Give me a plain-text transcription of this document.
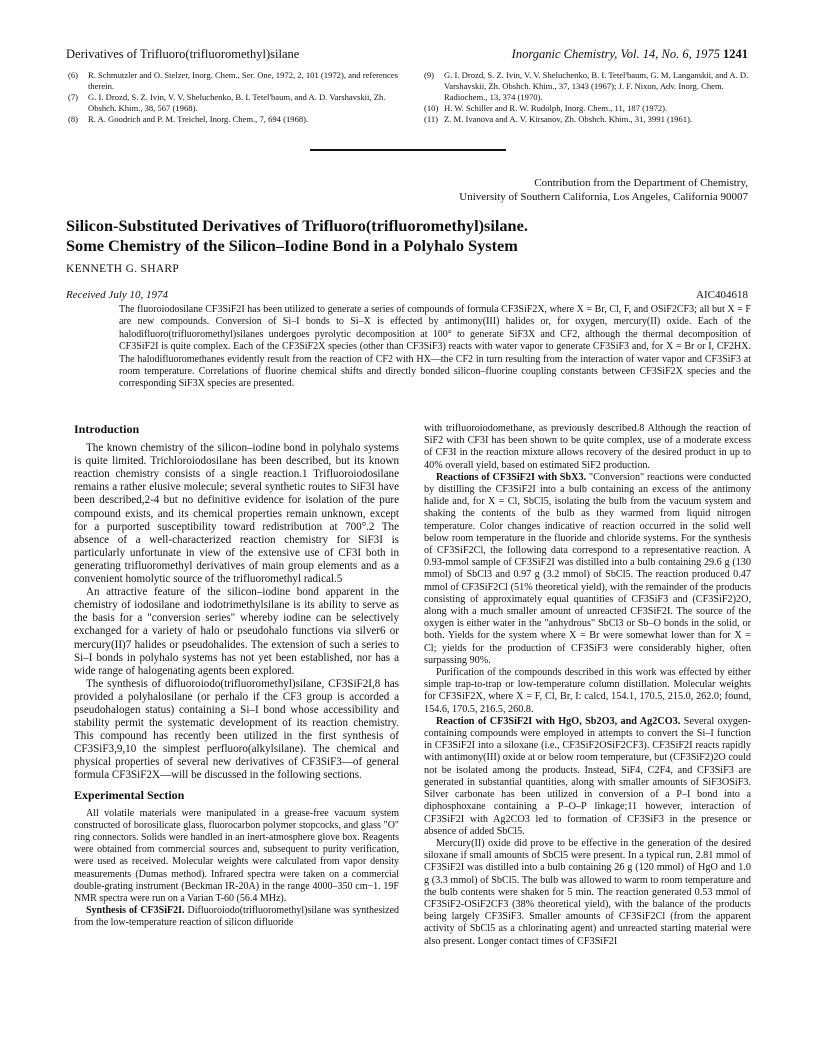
Derivatives of Trifluoro(trifluoromethyl)silane	Inorganic Chemistry, Vol. 14, No. 6, 1975 1241
(6)	R. Schmutzler and O. Stelzer, Inorg. Chem., Ser. One, 1972, 2, 101 (1972), and references therein.
(7)	G. I. Drozd, S. Z. Ivin, V. V. Sheluchenko, B. I. Tetel'baum, and A. D. Varshavskii, Zh. Obshch. Khim., 38, 567 (1968).
(8)	R. A. Goodrich and P. M. Treichel, Inorg. Chem., 7, 694 (1968).
(9)	G. I. Drozd, S. Z. Ivin, V. V. Sheluchenko, B. I. Tetel'baum, G. M. Langanskii, and A. D. Varshavskii, Zh. Obshch. Khim., 37, 1343 (1967); J. F. Nixon, Adv. Inorg. Chem. Radiochem., 13, 374 (1970).
(10) H. W. Schiller and R. W. Rudolph, Inorg. Chem., 11, 187 (1972).
(11) Z. M. Ivanova and A. V. Kirsanov, Zh. Obshch. Khim., 31, 3991 (1961).
Contribution from the Department of Chemistry,
University of Southern California, Los Angeles, California 90007
Silicon-Substituted Derivatives of Trifluoro(trifluoromethyl)silane.
Some Chemistry of the Silicon–Iodine Bond in a Polyhalo System
KENNETH G. SHARP
Received July 10, 1974	AIC404618
The fluoroiodosilane CF3SiF2I has been utilized to generate a series of compounds of formula CF3SiF2X, where X = Br, Cl, F, and OSiF2CF3; all but X = F are new compounds. Conversion of Si–I bonds to Si–X is effected by antimony(III) halides or, for oxygen, mercury(II) oxide. Each of the halodifluoro(trifluoromethyl)silanes undergoes pyrolytic decomposition at 100° to generate SiF3X and CF2, although the thermal decomposition of CF3SiF2I is quite complex. Each of the CF3SiF2X species (other than CF3SiF3) reacts with water vapor to generate CF3SiF3 and, for X = Br or I, CF2HX. The halodifluoromethanes evidently result from the reaction of CF2 with HX—the CF2 in turn resulting from the interaction of water vapor and CF3SiF3 at room temperature. Correlations of fluorine chemical shifts and directly bonded silicon–fluorine coupling constants between CF3SiF2X species and the corresponding SiF3X species are presented.
Introduction

The known chemistry of the silicon–iodine bond in polyhalo systems is quite limited. Trichloroiodosilane has been described, but its known reaction chemistry consists of a single reaction.1 Trifluoroiodosilane remains a rather elusive molecule; several synthetic routes to SiF3I have been described,2-4 but no definitive evidence for isolation of the pure compound exists, and its chemical properties remain unknown, except for a purported susceptibility toward redistribution at 700°.2 The absence of a well-characterized reaction chemistry for SiF3I is particularly unfortunate in view of the extensive use of CF3I both in generating trifluoromethyl derivatives of main group elements and as a convenient homolytic source of the trifluoromethyl radical.5

An attractive feature of the silicon–iodine bond apparent in the chemistry of iodosilane and iodotrimethylsilane is its ability to serve as the basis for a "conversion series" whereby iodine can be selectively exchanged for a variety of halo or pseudohalo functions via silver6 or mercury(II)7 halides or pseudohalides. The extension of such a series to Si–I bonds in polyhalo systems has not yet been established, nor has a wide range of halogenating agents been explored.

The synthesis of difluoroiodo(trifluoromethyl)silane, CF3SiF2I,8 has provided a polyhalosilane (or perhalo if the CF3 group is accorded a pseudohalogen status) containing a Si–I bond whose accessibility and stability permit the systematic development of its reaction chemistry. This compound has recently been utilized in the first synthesis of CF3SiF3,9,10 the simplest perfluoro(alkylsilane). The chemical and physical properties of several new derivatives of CF3SiF3—of general formula CF3SiF2X—will be discussed in the following sections.

Experimental Section

All volatile materials were manipulated in a grease-free vacuum system constructed of borosilicate glass, fluorocarbon polymer stopcocks, and glass "O" ring connectors. Solids were handled in an inert-atmosphere glove box. Reagents were obtained from commercial sources and, subsequent to purity verification, were used as received. Molecular weights were calculated from vapor density measurements (Dumas method). Infrared spectra were taken on a commercial double-grating instrument (Beckman IR-20A) in the range 4000–350 cm−1. 19F NMR spectra were run on a Varian T-60 (56.4 MHz).

Synthesis of CF3SiF2I. Difluoroiodo(trifluoromethyl)silane was synthesized from the low-temperature reaction of silicon difluoride

with trifluoroiodomethane, as previously described.8 Although the reaction of SiF2 with CF3I has been shown to be quite complex, use of a moderate excess of CF3I in the reaction mixture allows recovery of the desired product in up to 40% overall yield, based on estimated SiF2 production.

Reactions of CF3SiF2I with SbX3. "Conversion" reactions were conducted by distilling the CF3SiF2I into a bulb containing an excess of the antimony halide and, for X = Cl, SbCl5, isolating the bulb from the vacuum system and shaking the contents of the bulb as they warmed from liquid nitrogen temperature. Color changes indicative of reaction occurred in the solid well below room temperature in the fluoride and chloride systems. For the synthesis of CF3SiF2Cl, the following data correspond to a representative reaction. A 0.93-mmol sample of CF3SiF2I was distilled into a bulb containing 29.6 g (130 mmol) of SbCl3 and 0.97 g (3.2 mmol) of SbCl5. The reaction produced 0.47 mmol of CF3SiF2Cl (51% theoretical yield), with the remainder of the products consisting of approximately equal quantities of CF3SiF3 and (CF3SiF2)2O, along with a much smaller amount of unreacted CF3SiF2I. The source of the oxygen is either water in the "anhydrous" SbCl3 or Sb–O bonds in the solid, or both. Yields for the system where X = Br were somewhat lower than for X = Cl; yields for the production of CF3SiF3 were considerably higher, often surpassing 90%.

Purification of the compounds described in this work was effected by either simple trap-to-trap or low-temperature column distillation. Molecular weights for CF3SiF2X, where X = F, Cl, Br, I: calcd, 154.1, 170.5, 215.0, 262.0; found, 154.6, 170.5, 216.5, 260.8.

Reaction of CF3SiF2I with HgO, Sb2O3, and Ag2CO3. Several oxygen-containing compounds were employed in attempts to convert the Si–I function in CF3SiF2I into a siloxane (i.e., CF3SiF2OSiF2CF3). CF3SiF2I reacts rapidly with antimony(III) oxide at or below room temperature, but (CF3SiF2)2O could not be isolated among the products. Instead, SiF4, C2F4, and CF3SiF3 are generated in substantial quantities, along with smaller amounts of SiF3OSiF3. Silver carbonate has been utilized in conversion of a P–I bond into a diphosphoxane containing a P–O–P linkage;11 however, interaction of CF3SiF2I with Ag2CO3 led to formation of CF3SiF3 in the presence or absence of added SbCl5.

Mercury(II) oxide did prove to be effective in the generation of the desired siloxane if small amounts of SbCl5 were present. In a typical run, 2.81 mmol of CF3SiF2I was distilled into a bulb containing 26 g (120 mmol) of HgO and 1.0 g (3.3 mmol) of SbCl5. The bulb was allowed to warm to room temperature and the bulb contents were shaken for 5 min. The reaction generated 0.53 mmol of CF3SiF2-OSiF2CF3 (38% theoretical yield), with the balance of the products being largely CF3SiF3. Smaller amounts of CF3SiF2Cl (from the apparent activity of SbCl5 as a chlorinating agent) and unreacted starting material were also present. Longer contact times of CF3SiF2I
